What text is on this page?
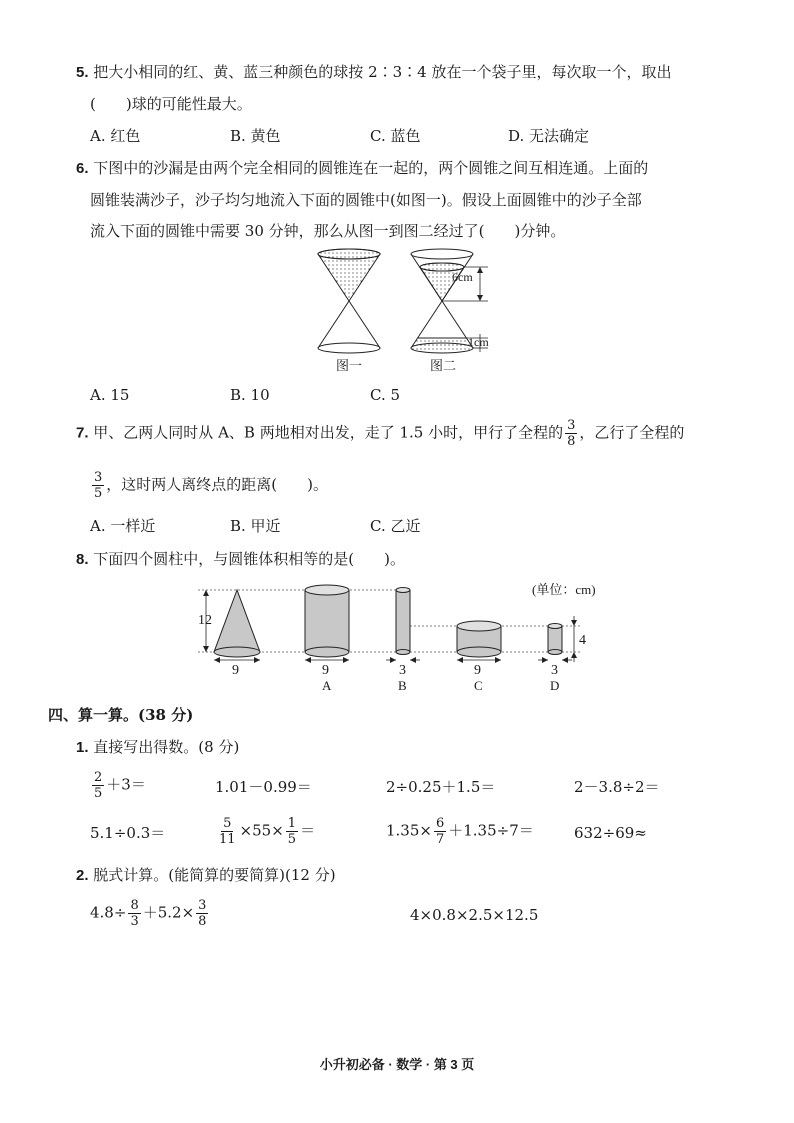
5. 把大小相同的红、黄、蓝三种颜色的球按 2∶3∶4 放在一个袋子里，每次取一个，取出
(　　)球的可能性最大。
A. 红色	B. 黄色	C. 蓝色	D. 无法确定
6. 下图中的沙漏是由两个完全相同的圆锥连在一起的，两个圆锥之间互相连通。上面的
圆锥装满沙子，沙子均匀地流入下面的圆锥中(如图一)。假设上面圆锥中的沙子全部
流入下面的圆锥中需要 30 分钟，那么从图一到图二经过了(　　)分钟。
6cm
1cm
图一	图二
A. 15	B. 10	C. 5
7. 甲、乙两人同时从 A、B 两地相对出发，走了 1.5 小时，甲行了全程的 $\frac{3}{8}$ ，乙行了全程的
$\frac{3}{5}$ ，这时两人离终点的距离(　　)。
A. 一样近	B. 甲近	C. 乙近
8. 下面四个圆柱中，与圆锥体积相等的是(　　)。
(单位：cm)
12
9	9
A
3
B
9
C
3
4
D
四、算一算。(38 分)
1. 直接写出得数。(8 分)
$\frac{2}{5} +3=$	1.01－0.99＝	2÷0.25＋1.5＝	2－3.8÷2＝
5.1÷0.3＝	$\frac{5}{11} \times 55\times \frac{1}{5}$ ＝	$1.35\times \frac{6}{7} +1.35\div 7=$	632÷69≈
2. 脱式计算。(能简算的要简算)(12 分)
$4.8\div \frac{8}{3} +5.2\times \frac{3}{8}$	4×0.8×2.5×12.5
小升初必备 · 数学 · 第 3 页
